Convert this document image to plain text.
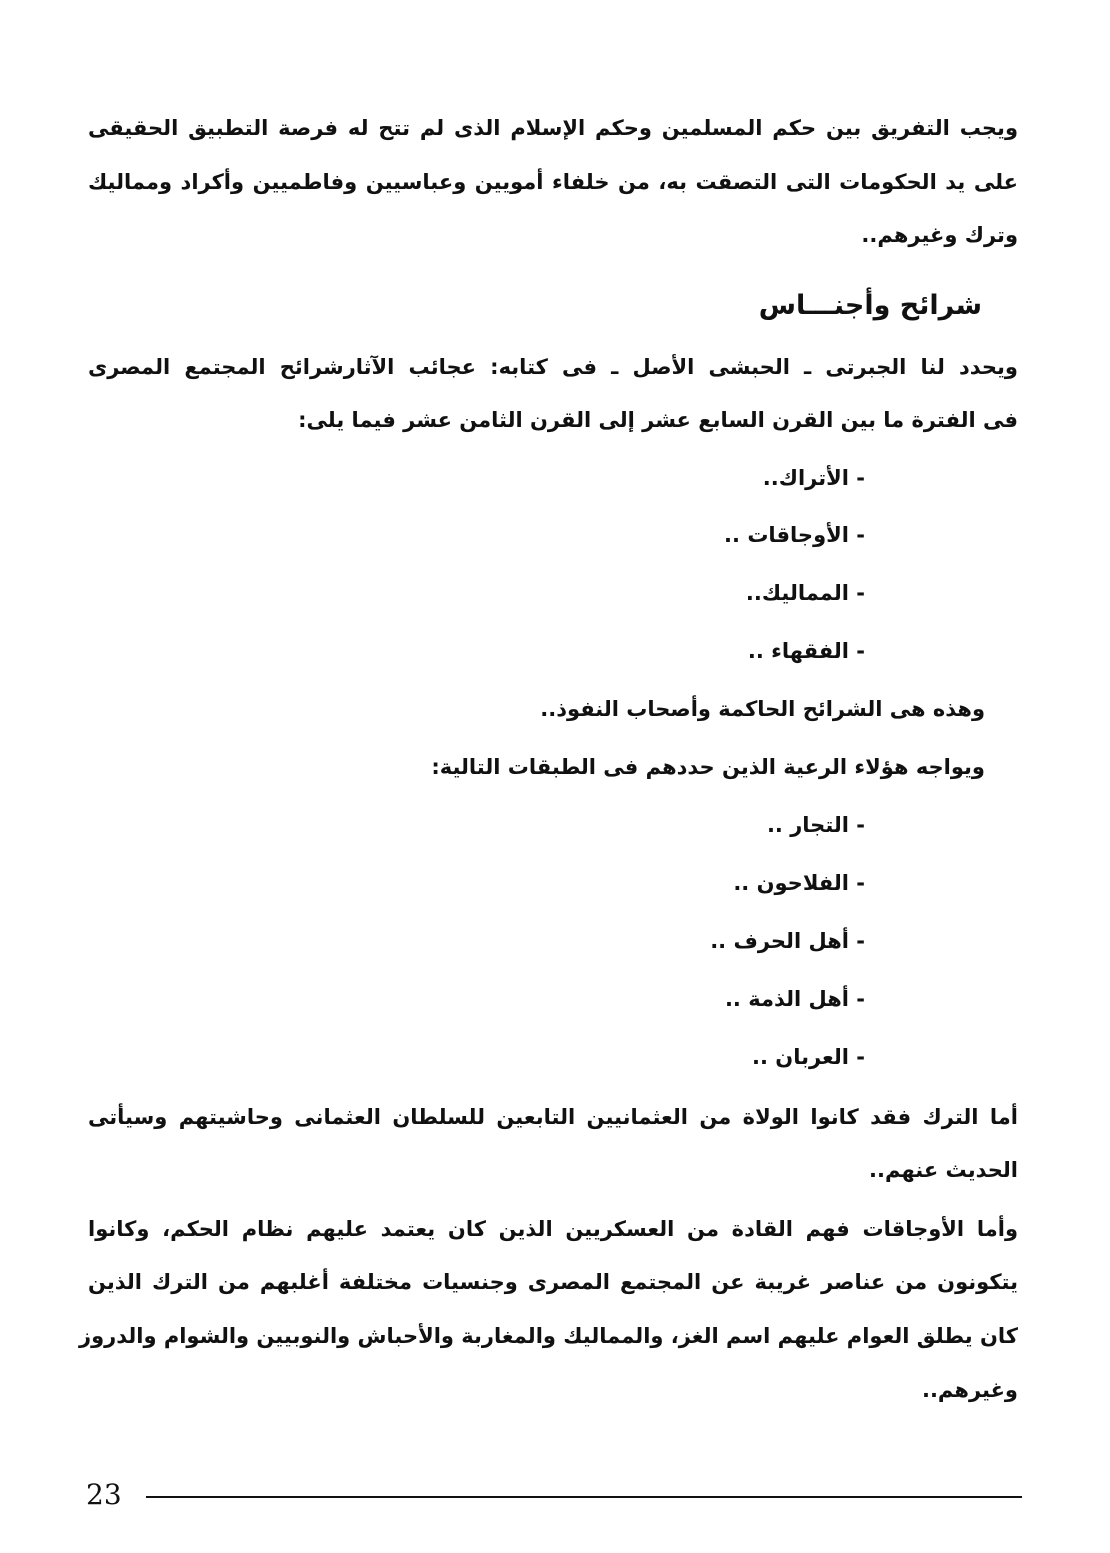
ويجب التفريق بين حكم المسلمين وحكم الإسلام الذى لم تتح له فرصة التطبيق الحقيقى
على يد الحكومات التى التصقت به، من خلفاء أمويين وعباسيين وفاطميين وأكراد ومماليك
وترك وغيرهم..
شرائح وأجنـــاس
ويحدد لنا الجبرتى ـ الحبشى الأصل ـ فى كتابه: عجائب الآثارشرائح المجتمع المصرى
فى الفترة ما بين القرن السابع عشر إلى القرن الثامن عشر فيما يلى:
- الأتراك..
- الأوجاقات ..
- المماليك..
- الفقهاء ..
وهذه هى الشرائح الحاكمة وأصحاب النفوذ..
ويواجه هؤلاء الرعية الذين حددهم فى الطبقات التالية:
- التجار ..
- الفلاحون ..
- أهل الحرف ..
- أهل الذمة ..
- العربان ..
أما الترك فقد كانوا الولاة من العثمانيين التابعين للسلطان العثمانى وحاشيتهم وسيأتى
الحديث عنهم..
وأما الأوجاقات فهم القادة من العسكريين الذين كان يعتمد عليهم نظام الحكم، وكانوا
يتكونون من عناصر غريبة عن المجتمع المصرى وجنسيات مختلفة أغلبهم من الترك الذين
كان يطلق العوام عليهم اسم الغز، والمماليك والمغاربة والأحباش والنوبيين والشوام والدروز
وغيرهم..
23
